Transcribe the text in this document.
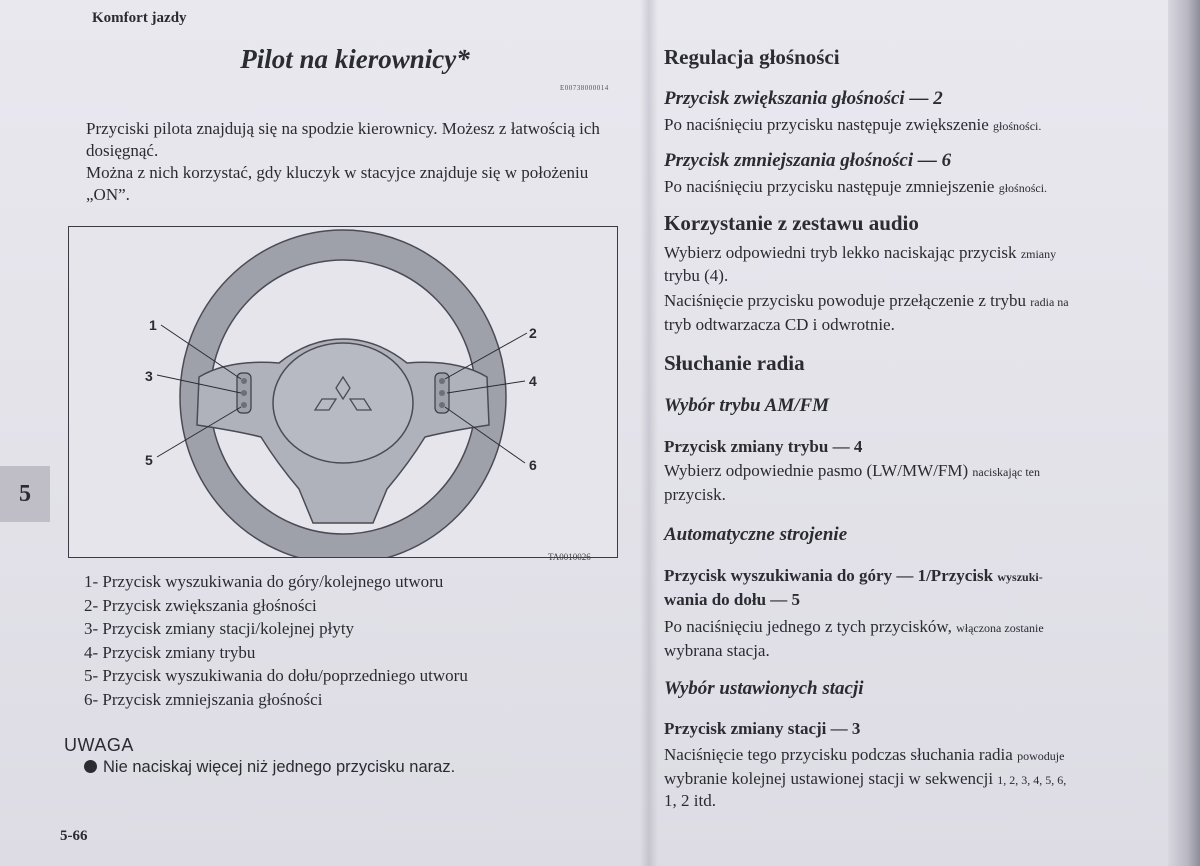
Komfort jazdy
Pilot na kierownicy*
E00738000014

Przyciski pilota znajdują się na spodzie kierownicy. Możesz z łatwością ich dosięgnąć.

Można z nich korzystać, gdy kluczyk w stacyjce znajduje się w położeniu „ON”.

1	2
3	4
5	6
TA0010026
5
1- Przycisk wyszukiwania do góry/kolejnego utworu
2- Przycisk zwiększania głośności
3- Przycisk zmiany stacji/kolejnej płyty
4- Przycisk zmiany trybu
5- Przycisk wyszukiwania do dołu/poprzedniego utworu
6- Przycisk zmniejszania głośności
UWAGA
Nie naciskaj więcej niż jednego przycisku naraz.
5-66
Regulacja głośności
Przycisk zwiększania głośności — 2
Po naciśnięciu przycisku następuje zwiększenie głośności.
Przycisk zmniejszania głośności — 6
Po naciśnięciu przycisku następuje zmniejszenie głośności.
Korzystanie z zestawu audio
Wybierz odpowiedni tryb lekko naciskając przycisk zmiany
trybu (4).
Naciśnięcie przycisku powoduje przełączenie z trybu radia na
tryb odtwarzacza CD i odwrotnie.
Słuchanie radia
Wybór trybu AM/FM
Przycisk zmiany trybu — 4
Wybierz odpowiednie pasmo (LW/MW/FM) naciskając ten
przycisk.
Automatyczne strojenie
Przycisk wyszukiwania do góry — 1/Przycisk wyszuki-
wania do dołu — 5
Po naciśnięciu jednego z tych przycisków, włączona zostanie
wybrana stacja.
Wybór ustawionych stacji
Przycisk zmiany stacji — 3
Naciśnięcie tego przycisku podczas słuchania radia powoduje
wybranie kolejnej ustawionej stacji w sekwencji 1, 2, 3, 4, 5, 6,
1, 2 itd.
